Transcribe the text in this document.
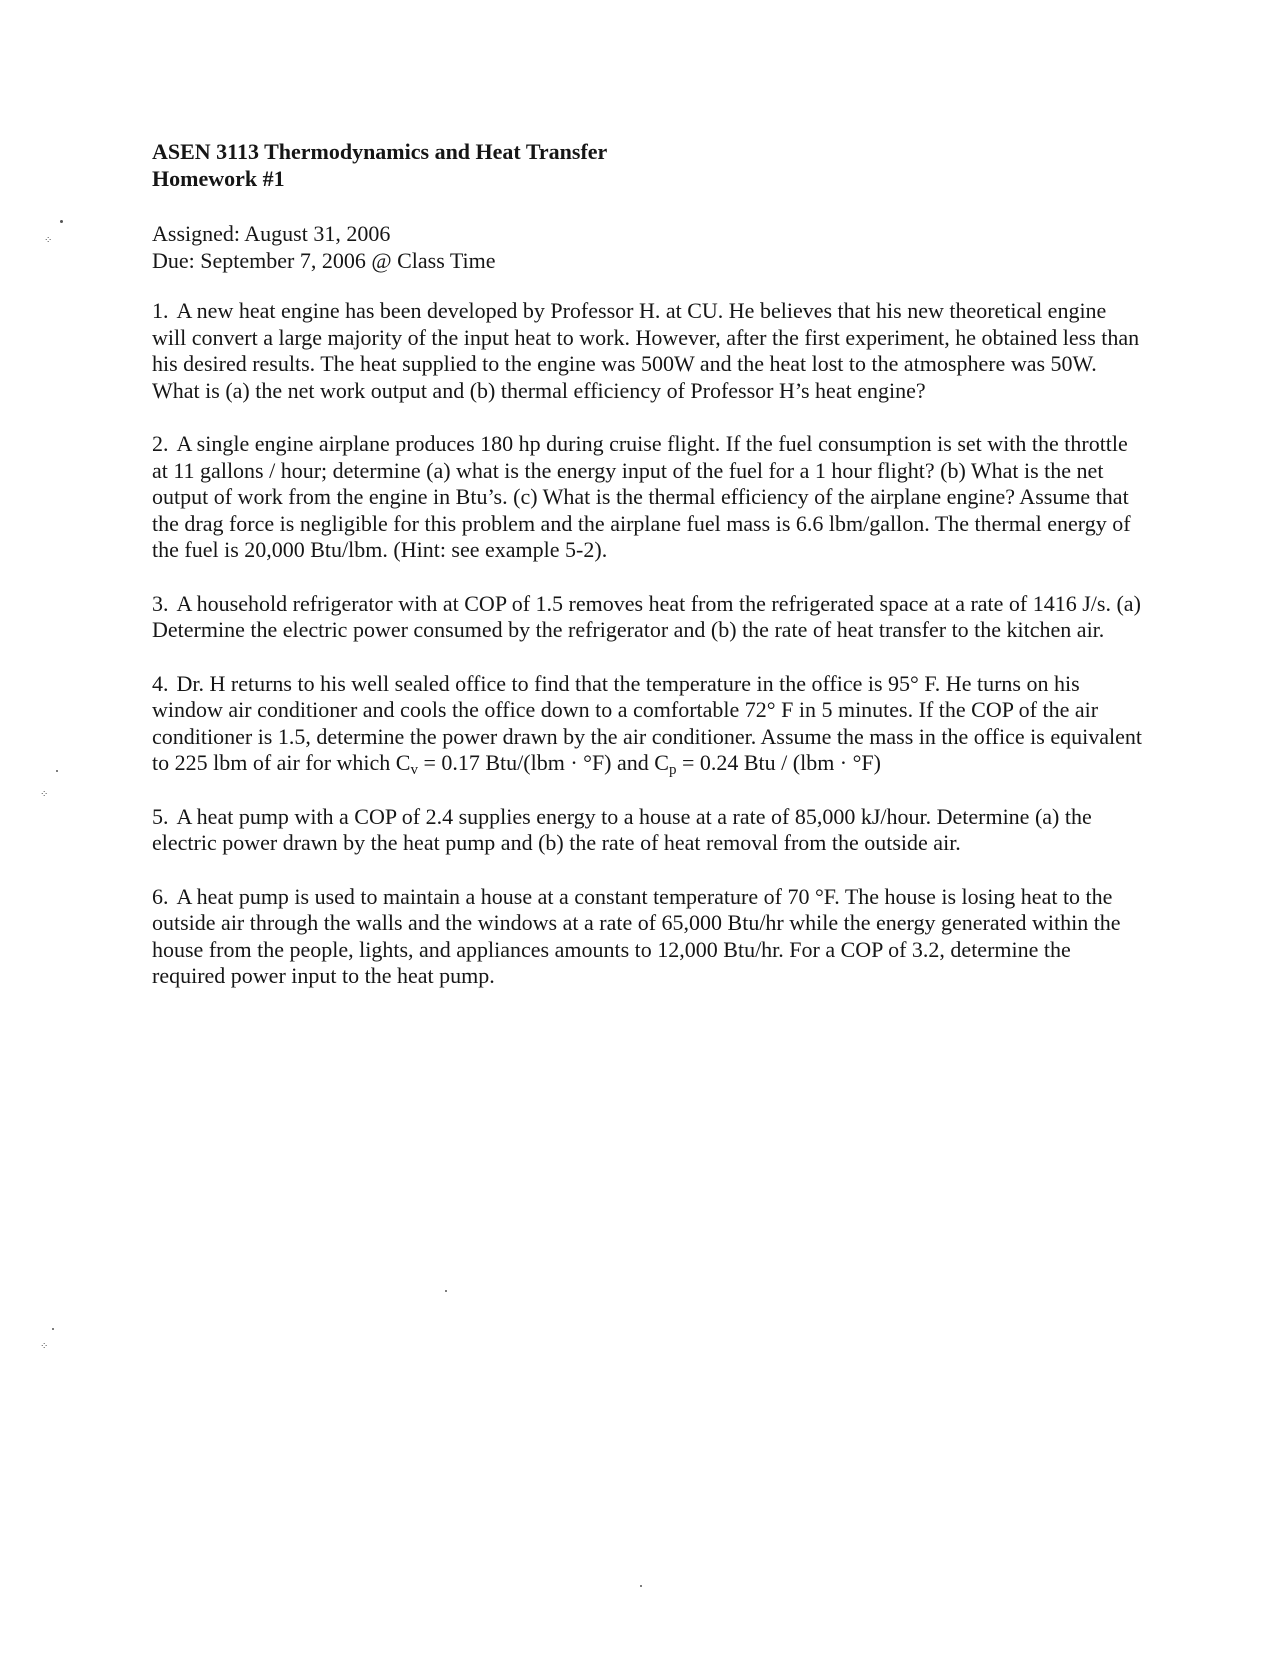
⁘
⁘
⁘
ASEN 3113 Thermodynamics and Heat Transfer
Homework #1
Assigned: August 31, 2006
Due: September 7, 2006 @ Class Time

1. A new heat engine has been developed by Professor H. at CU. He believes that his new theoretical engine will convert a large majority of the input heat to work. However, after the first experiment, he obtained less than his desired results. The heat supplied to the engine was 500W and the heat lost to the atmosphere was 50W. What is (a) the net work output and (b) thermal efficiency of Professor H’s heat engine?

2. A single engine airplane produces 180 hp during cruise flight. If the fuel consumption is set with the throttle at 11 gallons / hour; determine (a) what is the energy input of the fuel for a 1 hour flight? (b) What is the net output of work from the engine in Btu’s. (c) What is the thermal efficiency of the airplane engine? Assume that the drag force is negligible for this problem and the airplane fuel mass is 6.6 lbm/gallon. The thermal energy of the fuel is 20,000 Btu/lbm. (Hint: see example 5-2).

3. A household refrigerator with at COP of 1.5 removes heat from the refrigerated space at a rate of 1416 J/s. (a) Determine the electric power consumed by the refrigerator and (b) the rate of heat transfer to the kitchen air.

4. Dr. H returns to his well sealed office to find that the temperature in the office is 95° F. He turns on his window air conditioner and cools the office down to a comfortable 72° F in 5 minutes. If the COP of the air conditioner is 1.5, determine the power drawn by the air conditioner. Assume the mass in the office is equivalent to 225 lbm of air for which $C_v = 0.17$ Btu/(lbm · °F) and $C_p = 0.24$ Btu / (lbm · °F)

5. A heat pump with a COP of 2.4 supplies energy to a house at a rate of 85,000 kJ/hour. Determine (a) the electric power drawn by the heat pump and (b) the rate of heat removal from the outside air.

6. A heat pump is used to maintain a house at a constant temperature of 70 °F. The house is losing heat to the outside air through the walls and the windows at a rate of 65,000 Btu/hr while the energy generated within the house from the people, lights, and appliances amounts to 12,000 Btu/hr. For a COP of 3.2, determine the required power input to the heat pump.
